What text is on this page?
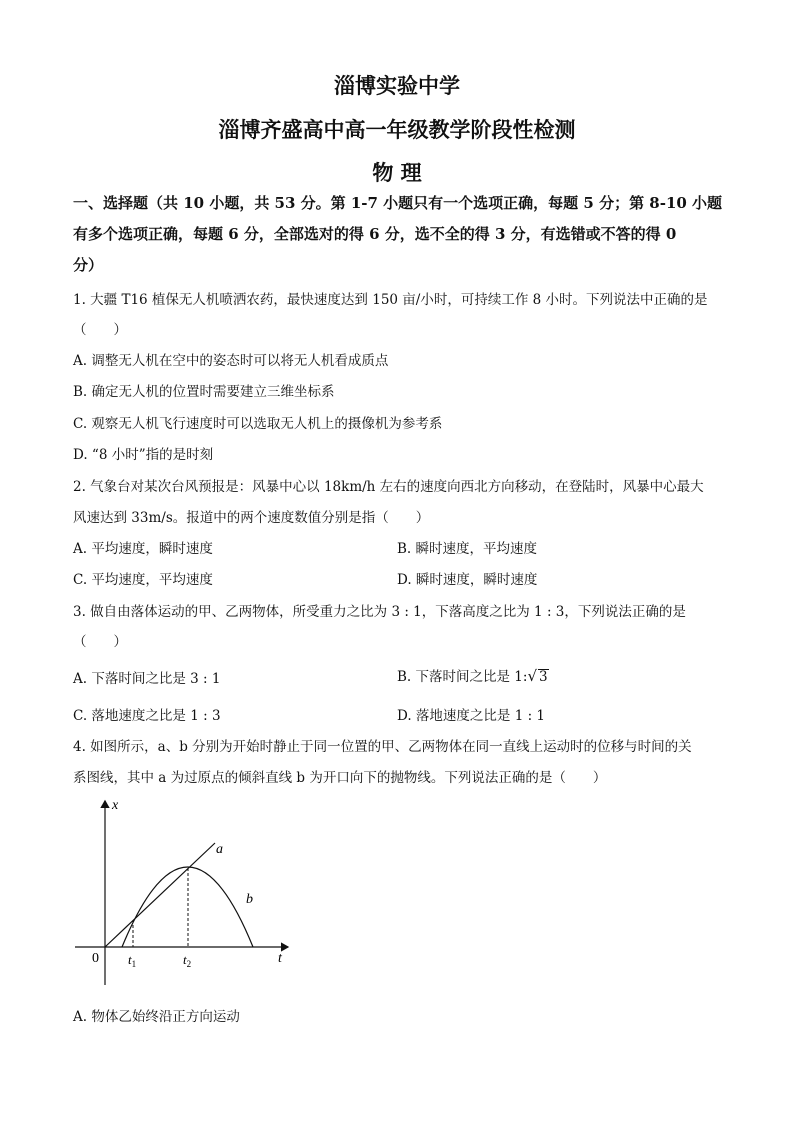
淄博实验中学
淄博齐盛高中高一年级教学阶段性检测
物 理
一、选择题（共 10 小题，共 53 分。第 1-7 小题只有一个选项正确，每题 5 分；第 8-10 小题
有多个选项正确，每题 6 分，全部选对的得 6 分，选不全的得 3 分，有选错或不答的得 0
分）
1. 大疆 T16 植保无人机喷洒农药，最快速度达到 150 亩/小时，可持续工作 8 小时。下列说法中正确的是
（　　）
A. 调整无人机在空中的姿态时可以将无人机看成质点
B. 确定无人机的位置时需要建立三维坐标系
C. 观察无人机飞行速度时可以选取无人机上的摄像机为参考系
D. “8 小时”指的是时刻
2. 气象台对某次台风预报是：风暴中心以 18km/h 左右的速度向西北方向移动，在登陆时，风暴中心最大
风速达到 33m/s。报道中的两个速度数值分别是指（　　）
A. 平均速度，瞬时速度	B. 瞬时速度，平均速度
C. 平均速度，平均速度	D. 瞬时速度，瞬时速度
3. 做自由落体运动的甲、乙两物体，所受重力之比为 3 : 1，下落高度之比为 1 : 3，下列说法正确的是
（　　）
A. 下落时间之比是 3 : 1	B. 下落时间之比是 1:√ 3
C. 落地速度之比是 1 : 3	D. 落地速度之比是 1 : 1
4. 如图所示，a、b 分别为开始时静止于同一位置的甲、乙两物体在同一直线上运动时的位移与时间的关
系图线，其中 a 为过原点的倾斜直线 b 为开口向下的抛物线。下列说法正确的是（　　）
x
t
0
a
b
$t_1$	$t_2$
A. 物体乙始终沿正方向运动
